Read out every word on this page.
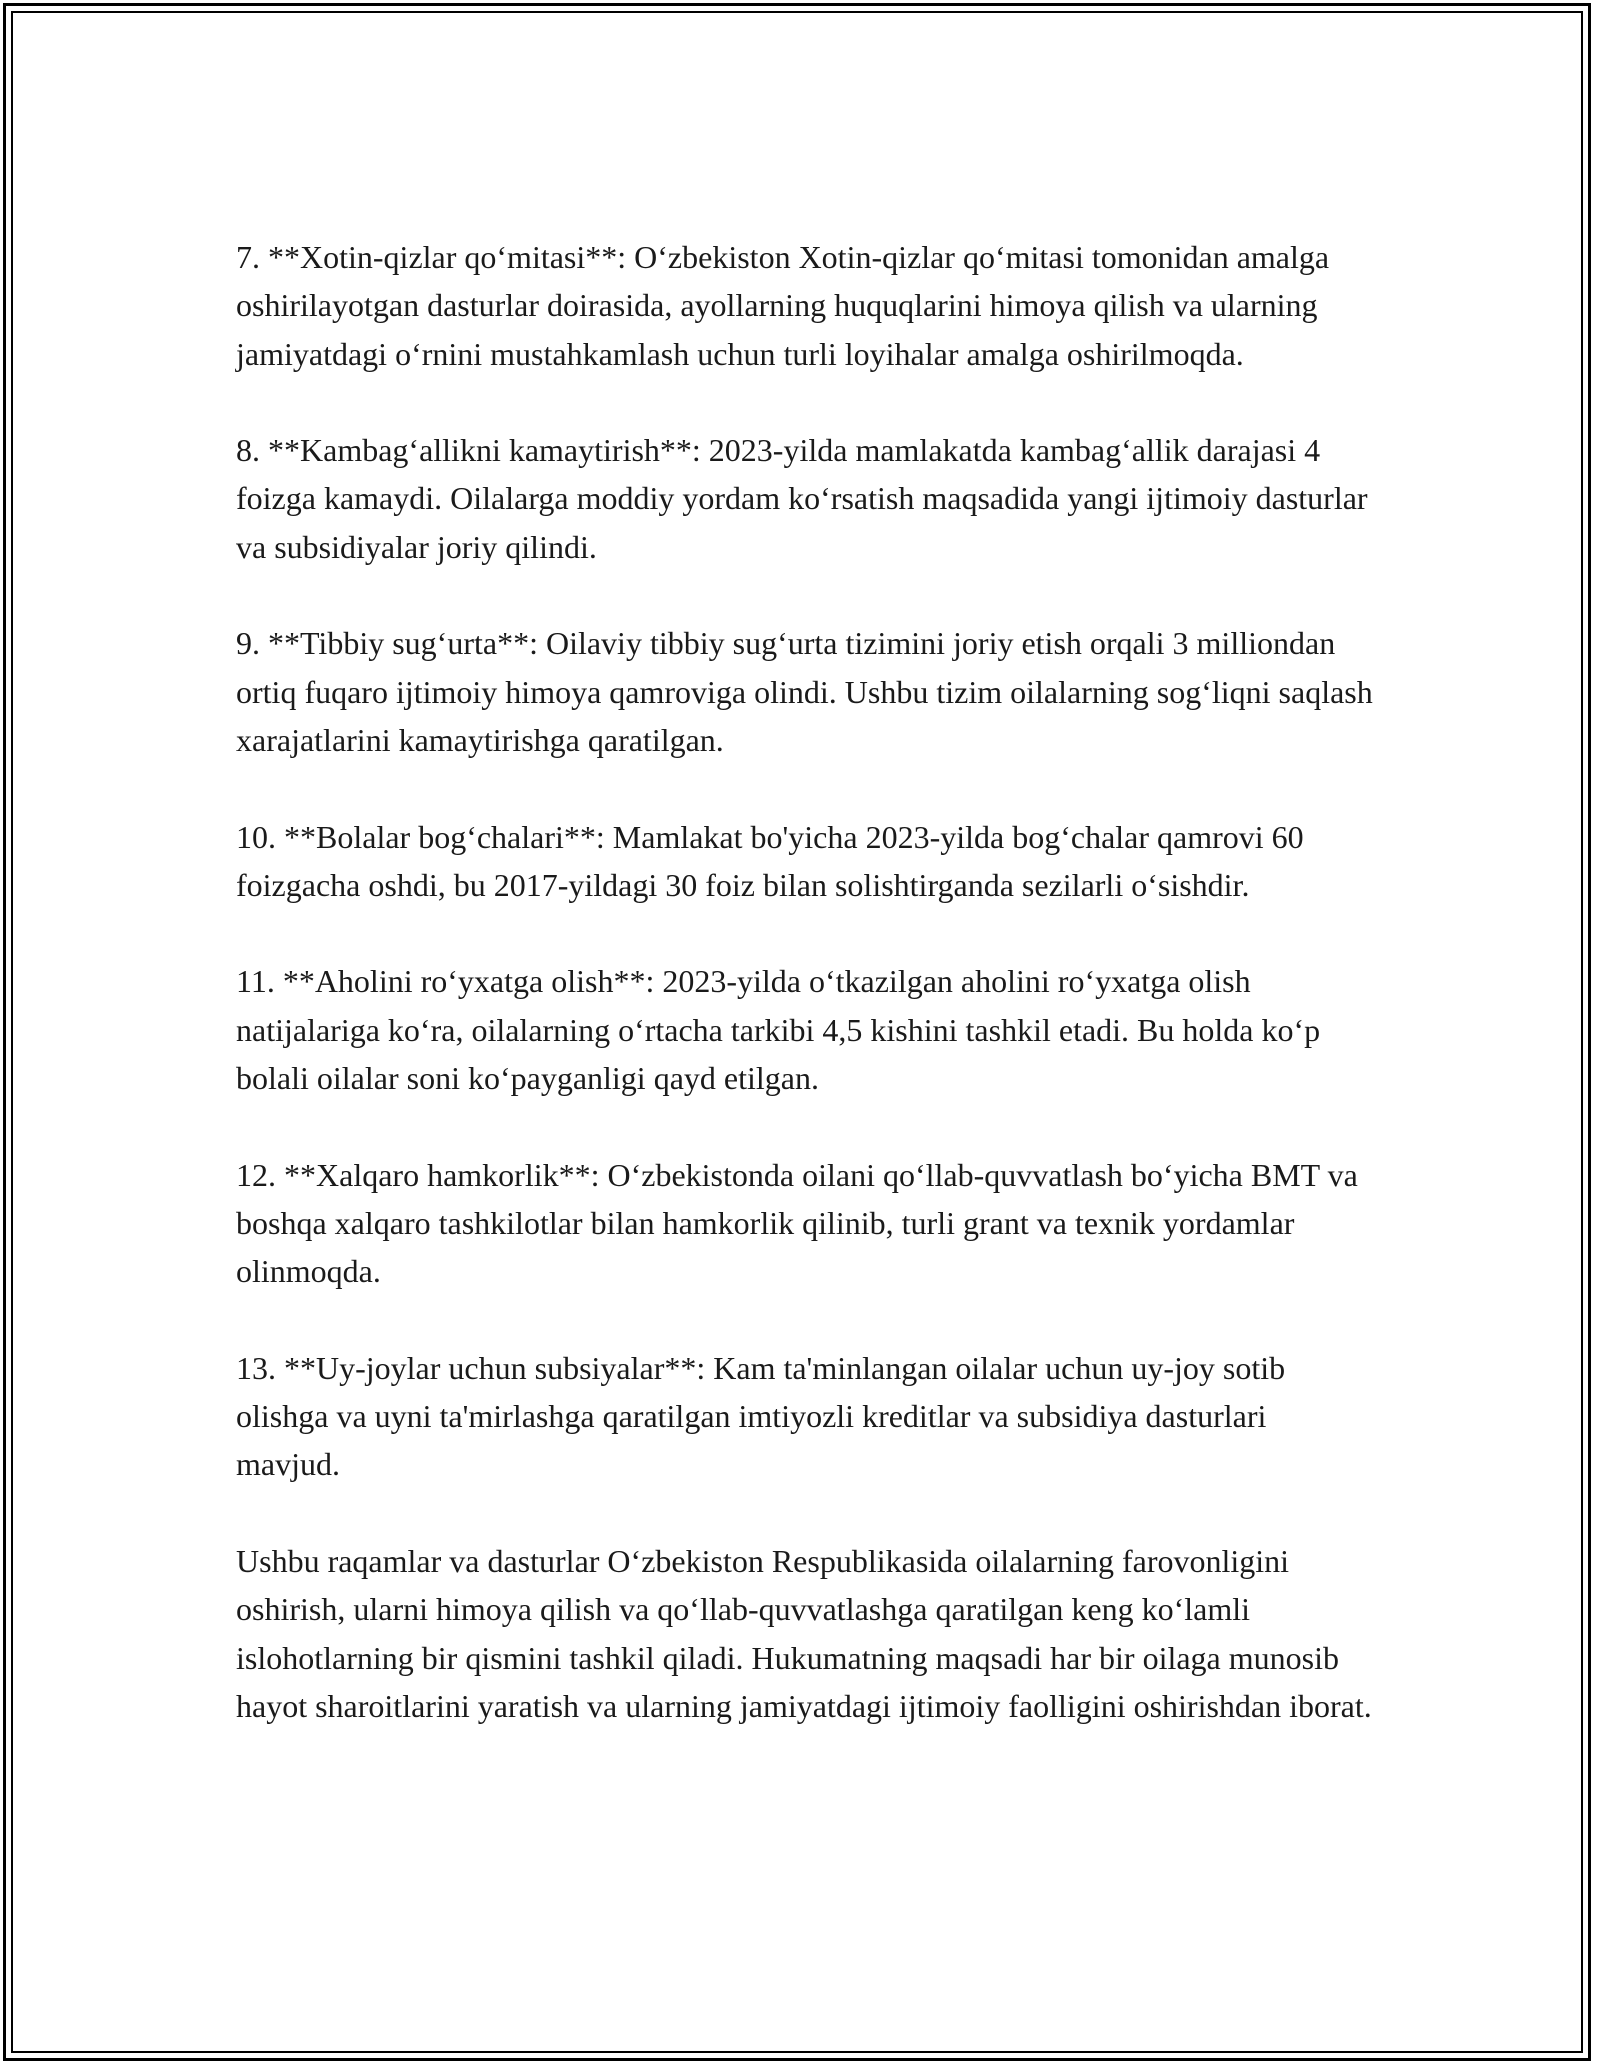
7. **Xotin-qizlar qo‘mitasi**: O‘zbekiston Xotin-qizlar qo‘mitasi tomonidan amalga oshirilayotgan dasturlar doirasida, ayollarning huquqlarini himoya qilish va ularning jamiyatdagi o‘rnini mustahkamlash uchun turli loyihalar amalga oshirilmoqda.

8. **Kambag‘allikni kamaytirish**: 2023-yilda mamlakatda kambag‘allik darajasi 4 foizga kamaydi. Oilalarga moddiy yordam ko‘rsatish maqsadida yangi ijtimoiy dasturlar va subsidiyalar joriy qilindi.

9. **Tibbiy sug‘urta**: Oilaviy tibbiy sug‘urta tizimini joriy etish orqali 3 milliondan ortiq fuqaro ijtimoiy himoya qamroviga olindi. Ushbu tizim oilalarning sog‘liqni saqlash xarajatlarini kamaytirishga qaratilgan.

10. **Bolalar bog‘chalari**: Mamlakat bo'yicha 2023-yilda bog‘chalar qamrovi 60 foizgacha oshdi, bu 2017-yildagi 30 foiz bilan solishtirganda sezilarli o‘sishdir.

11. **Aholini ro‘yxatga olish**: 2023-yilda o‘tkazilgan aholini ro‘yxatga olish natijalariga ko‘ra, oilalarning o‘rtacha tarkibi 4,5 kishini tashkil etadi. Bu holda ko‘p bolali oilalar soni ko‘payganligi qayd etilgan.

12. **Xalqaro hamkorlik**: O‘zbekistonda oilani qo‘llab-quvvatlash bo‘yicha BMT va boshqa xalqaro tashkilotlar bilan hamkorlik qilinib, turli grant va texnik yordamlar olinmoqda.

13. **Uy-joylar uchun subsiyalar**: Kam ta'minlangan oilalar uchun uy-joy sotib olishga va uyni ta'mirlashga qaratilgan imtiyozli kreditlar va subsidiya dasturlari mavjud.

Ushbu raqamlar va dasturlar O‘zbekiston Respublikasida oilalarning farovonligini oshirish, ularni himoya qilish va qo‘llab-quvvatlashga qaratilgan keng ko‘lamli islohotlarning bir qismini tashkil qiladi. Hukumatning maqsadi har bir oilaga munosib hayot sharoitlarini yaratish va ularning jamiyatdagi ijtimoiy faolligini oshirishdan iborat.
